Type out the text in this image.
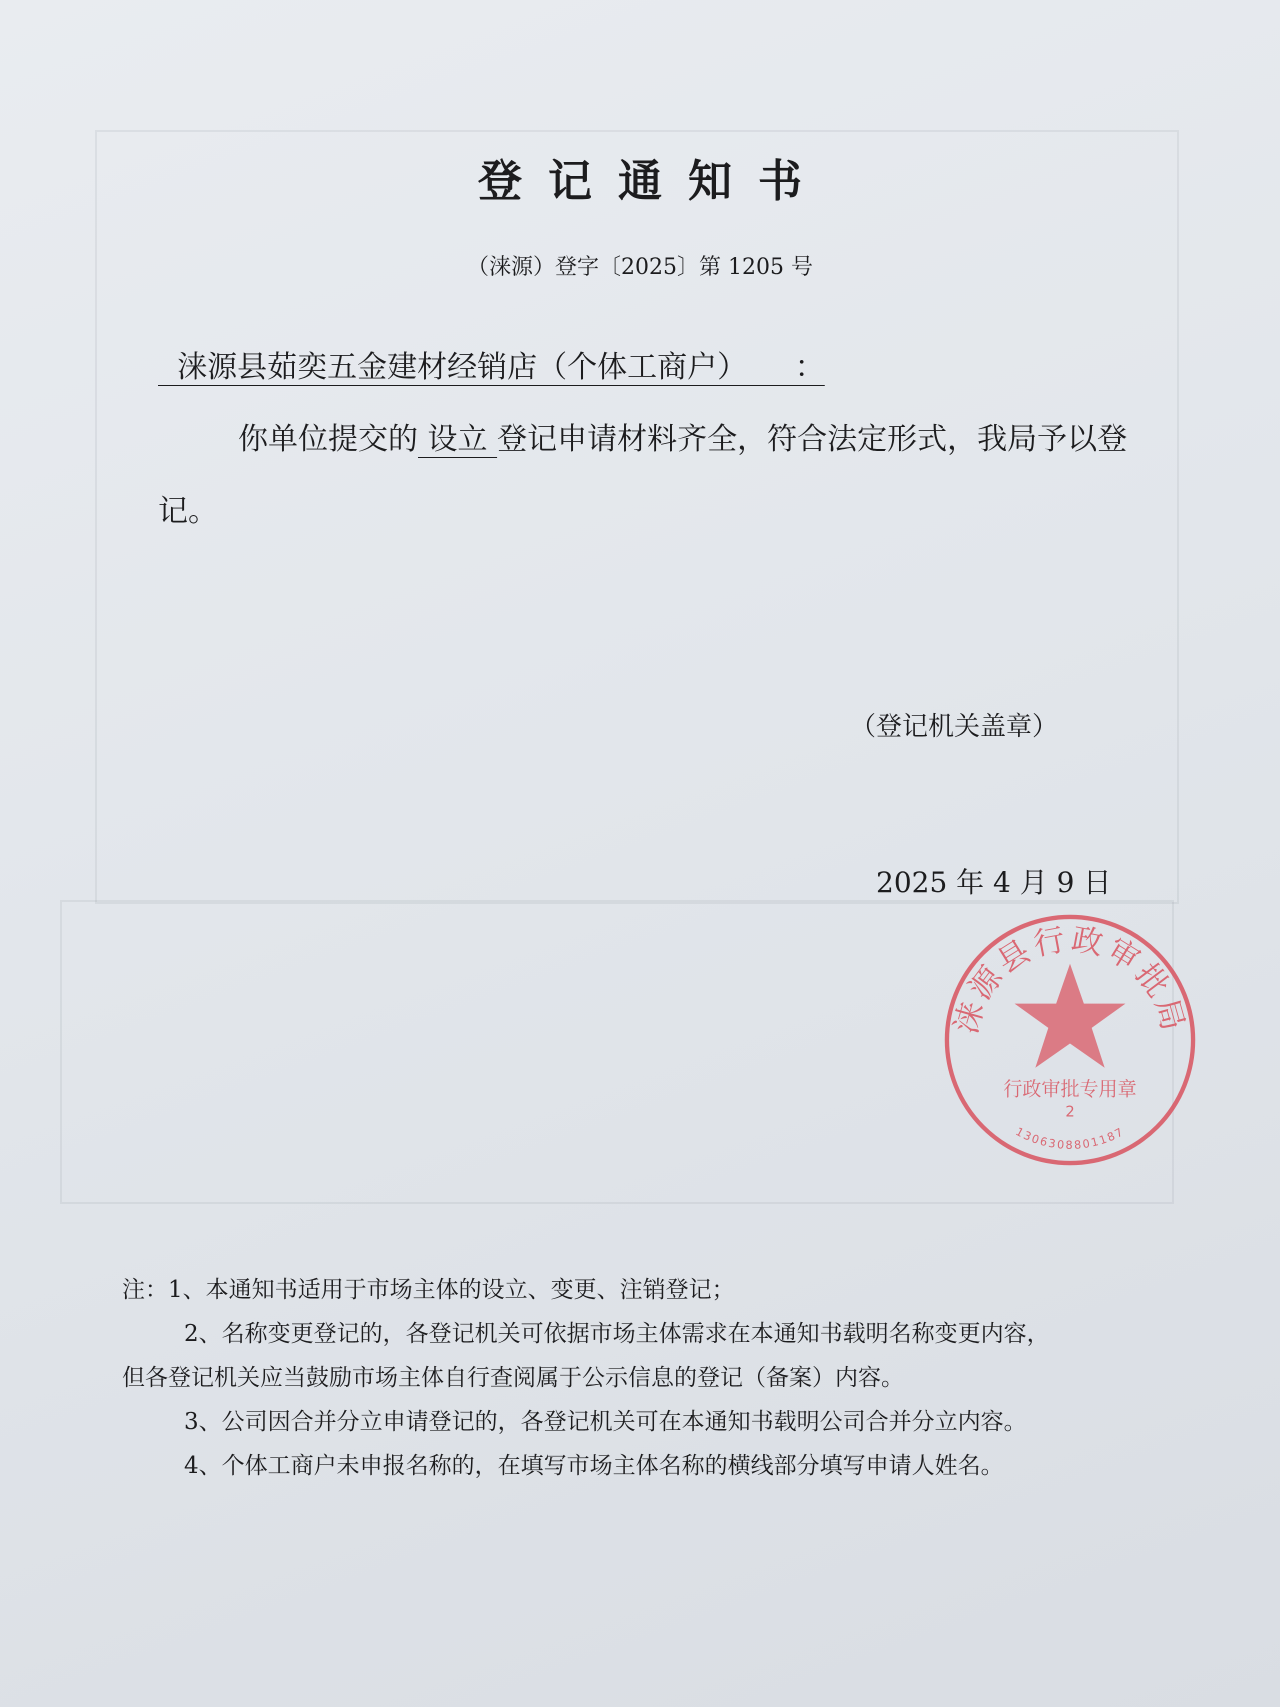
登记通知书
（涞源）登字〔2025〕第 1205 号
涞源县茹奕五金建材经销店（个体工商户）     ：
你单位提交的 设立 登记申请材料齐全，符合法定形式，我局予以登记。
（登记机关盖章）
2025 年 4 月 9 日
涞源县行政审批局
行政审批专用章
2
1306308801187
注：1、本通知书适用于市场主体的设立、变更、注销登记；
2、名称变更登记的，各登记机关可依据市场主体需求在本通知书载明名称变更内容，
但各登记机关应当鼓励市场主体自行查阅属于公示信息的登记（备案）内容。
3、公司因合并分立申请登记的，各登记机关可在本通知书载明公司合并分立内容。
4、个体工商户未申报名称的，在填写市场主体名称的横线部分填写申请人姓名。
